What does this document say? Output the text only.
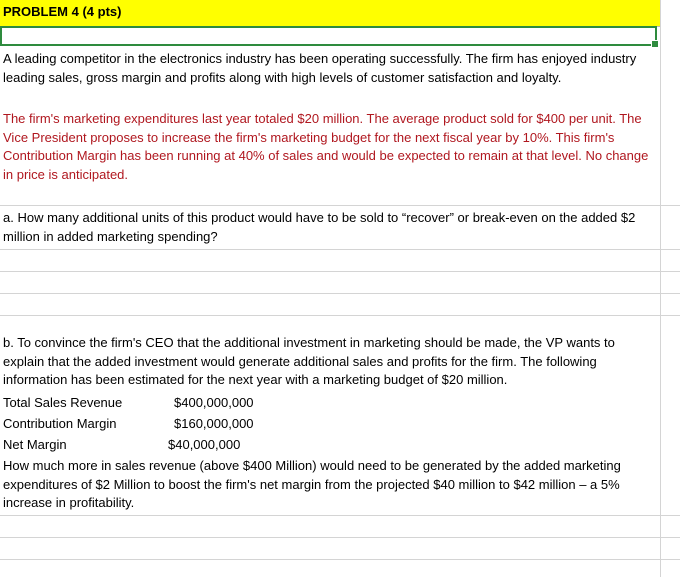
PROBLEM 4 (4 pts)
A leading competitor in the electronics industry has been operating successfully. The firm has enjoyed industry leading sales, gross margin and profits along with high levels of customer satisfaction and loyalty.
The firm's marketing expenditures last year totaled $20 million. The average product sold for $400 per unit. The Vice President proposes to increase the firm's marketing budget for the next fiscal year by 10%. This firm's Contribution Margin has been running at 40% of sales and would be expected to remain at that level. No change in price is anticipated.
a. How many additional units of this product would have to be sold to “recover” or break-even on the added $2 million in added marketing spending?
b. To convince the firm's CEO that the additional investment in marketing should be made, the VP wants to explain that the added investment would generate additional sales and profits for the firm. The following information has been estimated for the next year with a marketing budget of $20 million.
Total Sales Revenue	$400,000,000
Contribution Margin	$160,000,000
Net Margin	$40,000,000
How much more in sales revenue (above $400 Million) would need to be generated by the added marketing expenditures of $2 Million to boost the firm's net margin from the projected $40 million to $42 million – a 5% increase in profitability.
